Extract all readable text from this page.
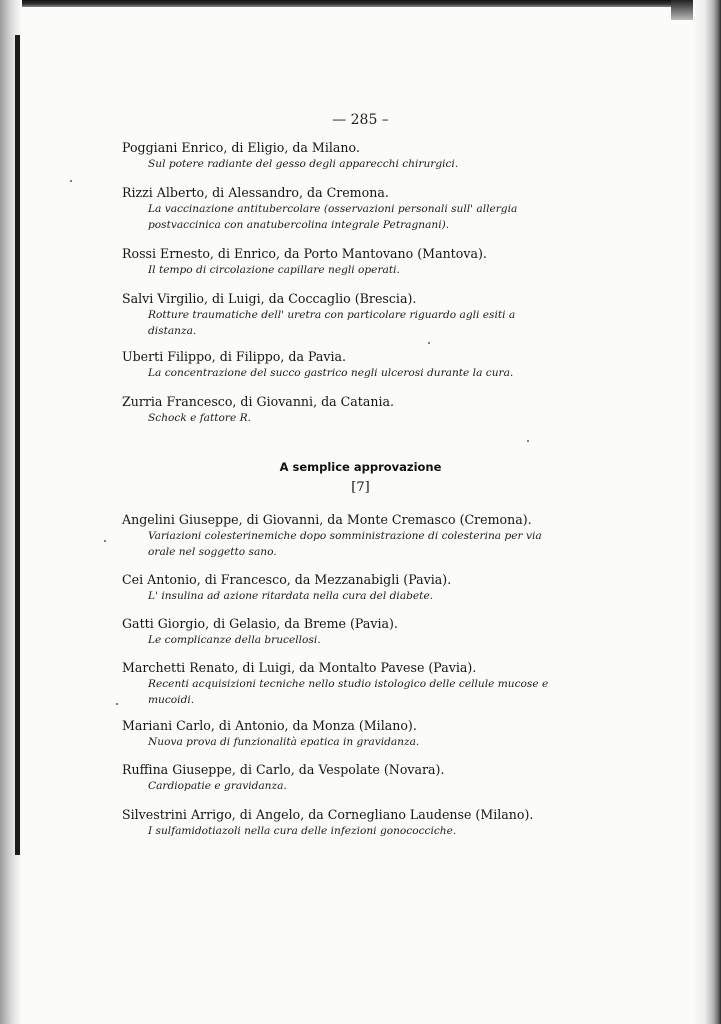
— 285 –
Poggiani Enrico, di Eligio, da Milano.
Sul potere radiante del gesso degli apparecchi chirurgici.
Rizzi Alberto, di Alessandro, da Cremona.
La vaccinazione antitubercolare (osservazioni personali sull' allergia postvaccinica con anatubercolina integrale Petragnani).
Rossi Ernesto, di Enrico, da Porto Mantovano (Mantova).
Il tempo di circolazione capillare negli operati.
Salvi Virgilio, di Luigi, da Coccaglio (Brescia).
Rotture traumatiche dell' uretra con particolare riguardo agli esiti a distanza.
Uberti Filippo, di Filippo, da Pavia.
La concentrazione del succo gastrico negli ulcerosi durante la cura.
Zurria Francesco, di Giovanni, da Catania.
Schock e fattore R.
A semplice approvazione
[7]
Angelini Giuseppe, di Giovanni, da Monte Cremasco (Cremona).
Variazioni colesterinemiche dopo somministrazione di colesterina per via orale nel soggetto sano.
Cei Antonio, di Francesco, da Mezzanabigli (Pavia).
L' insulina ad azione ritardata nella cura del diabete.
Gatti Giorgio, di Gelasio, da Breme (Pavia).
Le complicanze della brucellosi.
Marchetti Renato, di Luigi, da Montalto Pavese (Pavia).
Recenti acquisizioni tecniche nello studio istologico delle cellule mucose e mucoidi.
Mariani Carlo, di Antonio, da Monza (Milano).
Nuova prova di funzionalità epatica in gravidanza.
Ruffina Giuseppe, di Carlo, da Vespolate (Novara).
Cardiopatie e gravidanza.
Silvestrini Arrigo, di Angelo, da Cornegliano Laudense (Milano).
I sulfamidotiazoli nella cura delle infezioni gonococciche.
